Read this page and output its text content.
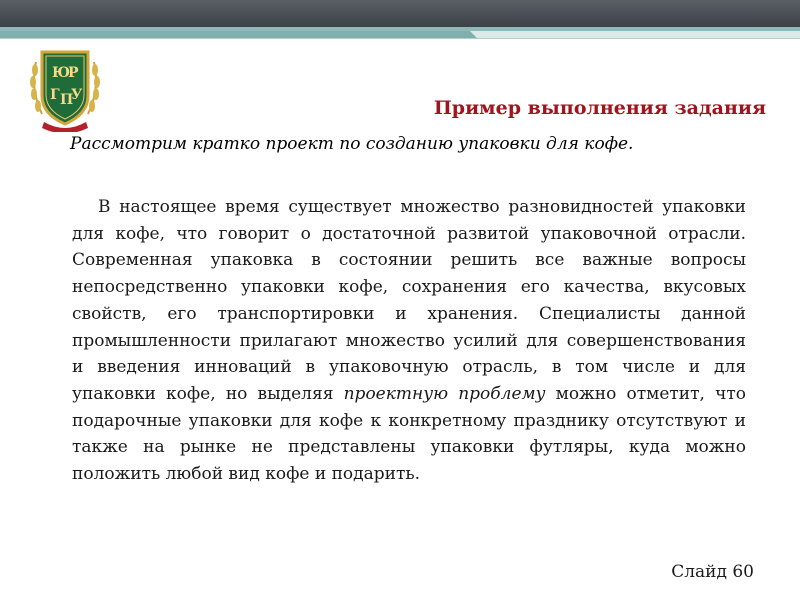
Ю
Р
Г П
У
Пример выполнения задания

Рассмотрим кратко проект по созданию упаковки для кофе.

В настоящее время существует множество разновидностей упаковки для кофе, что говорит о достаточной развитой упаковочной отрасли. Современная упаковка в состоянии решить все важные вопросы непосредственно упаковки кофе, сохранения его качества, вкусовых свойств, его транспортировки и хранения. Специалисты данной промышленности прилагают множество усилий для совершенствования и введения инноваций в упаковочную отрасль, в том числе и для упаковки кофе, но выделяя проектную проблему можно отметит, что подарочные упаковки для кофе к конкретному празднику отсутствуют и также на рынке не представлены упаковки футляры, куда можно положить любой вид кофе и подарить.

Слайд 60
